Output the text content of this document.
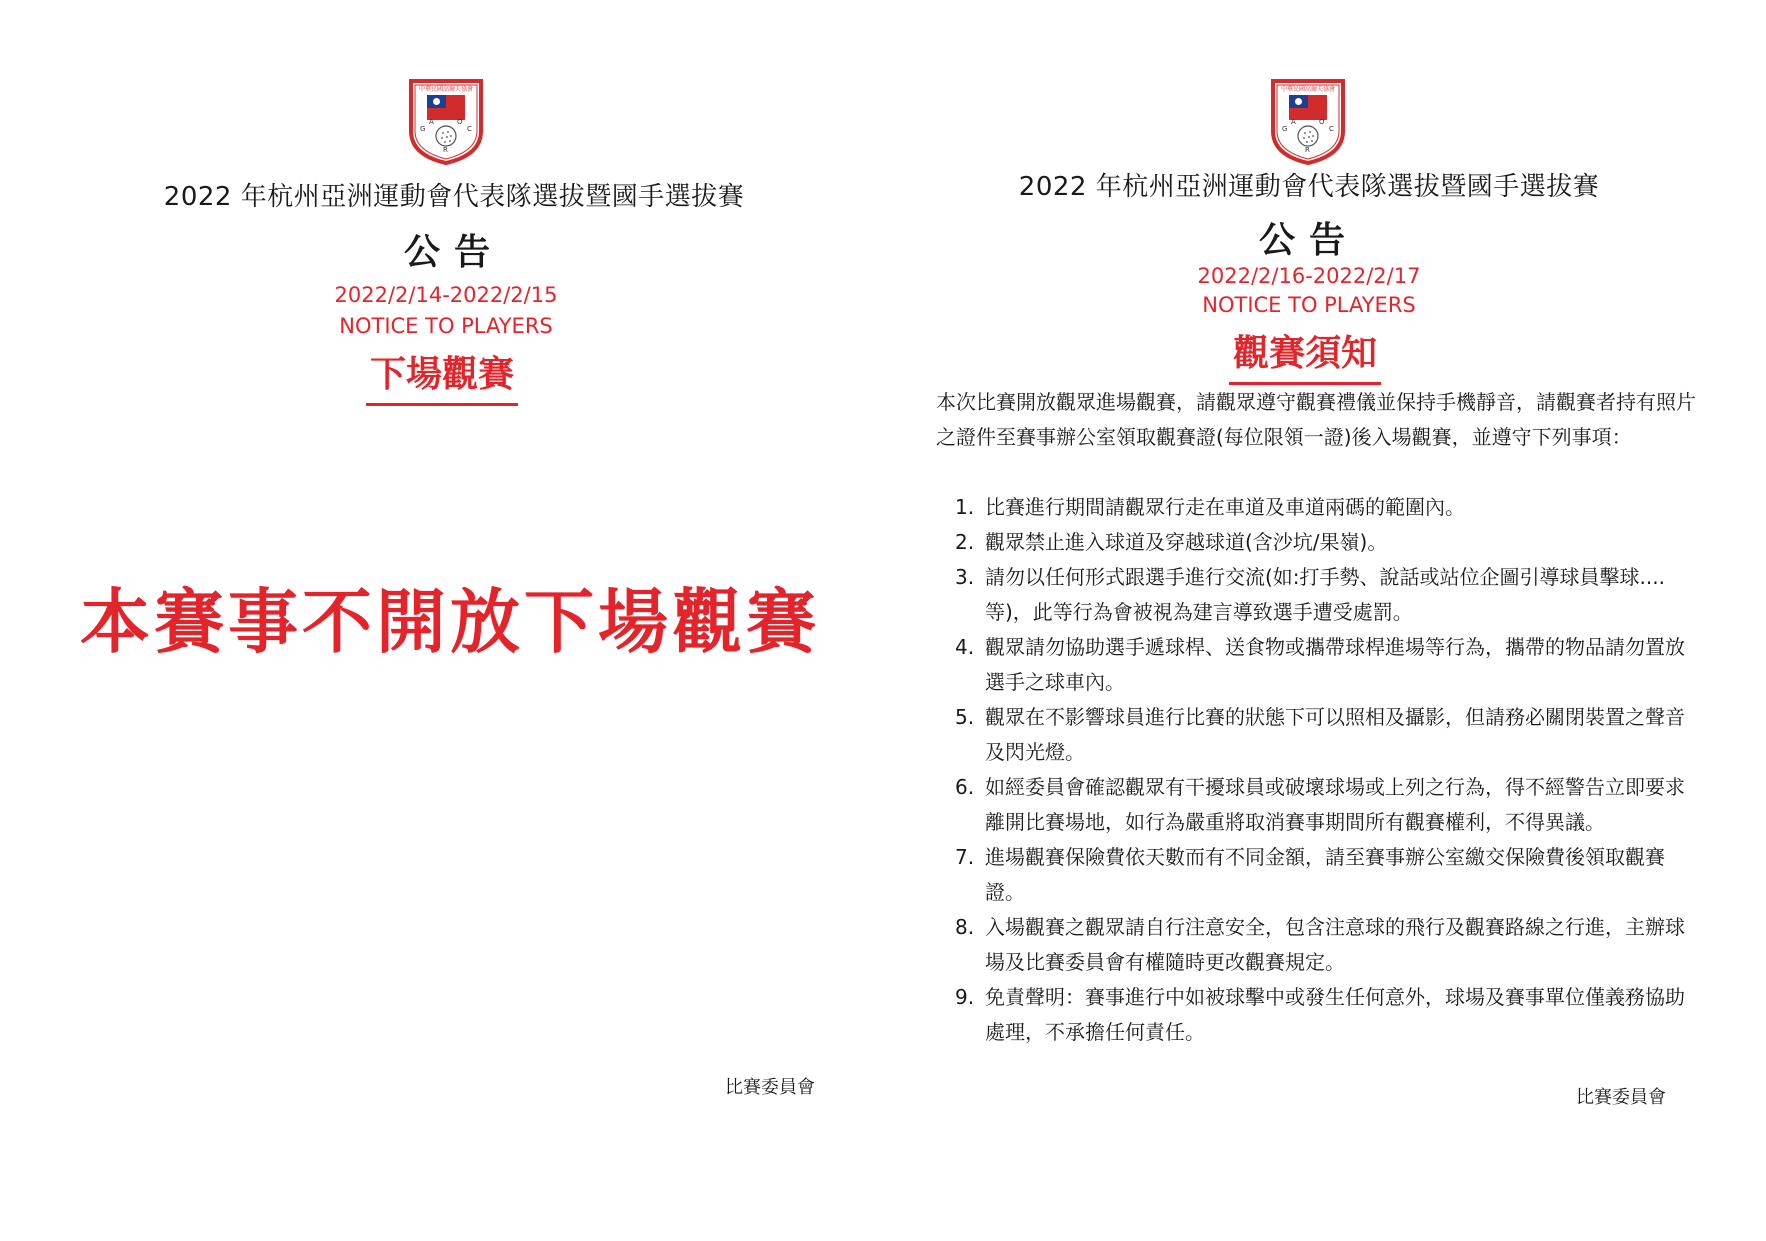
G
A	O
C
R
中華民國高爾夫協會
2022 年杭州亞洲運動會代表隊選拔暨國手選拔賽
公告
2022/2/14-2022/2/15
NOTICE TO PLAYERS
下場觀賽
本賽事不開放下場觀賽
比賽委員會
G
A	O
C
R
中華民國高爾夫協會
2022 年杭州亞洲運動會代表隊選拔暨國手選拔賽
公告
2022/2/16-2022/2/17
NOTICE TO PLAYERS
觀賽須知
本次比賽開放觀眾進場觀賽，請觀眾遵守觀賽禮儀並保持手機靜音，請觀賽者持有照片之證件至賽事辦公室領取觀賽證(每位限領一證)後入場觀賽，並遵守下列事項：
1. 比賽進行期間請觀眾行走在車道及車道兩碼的範圍內。
2. 觀眾禁止進入球道及穿越球道(含沙坑/果嶺)。
3. 請勿以任何形式跟選手進行交流(如:打手勢、說話或站位企圖引導球員擊球....等)，此等行為會被視為建言導致選手遭受處罰。
4. 觀眾請勿協助選手遞球桿、送食物或攜帶球桿進場等行為，攜帶的物品請勿置放選手之球車內。
5. 觀眾在不影響球員進行比賽的狀態下可以照相及攝影，但請務必關閉裝置之聲音及閃光燈。
6. 如經委員會確認觀眾有干擾球員或破壞球場或上列之行為，得不經警告立即要求離開比賽場地，如行為嚴重將取消賽事期間所有觀賽權利，不得異議。
7. 進場觀賽保險費依天數而有不同金額，請至賽事辦公室繳交保險費後領取觀賽證。
8. 入場觀賽之觀眾請自行注意安全，包含注意球的飛行及觀賽路線之行進，主辦球場及比賽委員會有權隨時更改觀賽規定。
9. 免責聲明：賽事進行中如被球擊中或發生任何意外，球場及賽事單位僅義務協助處理，不承擔任何責任。
比賽委員會
